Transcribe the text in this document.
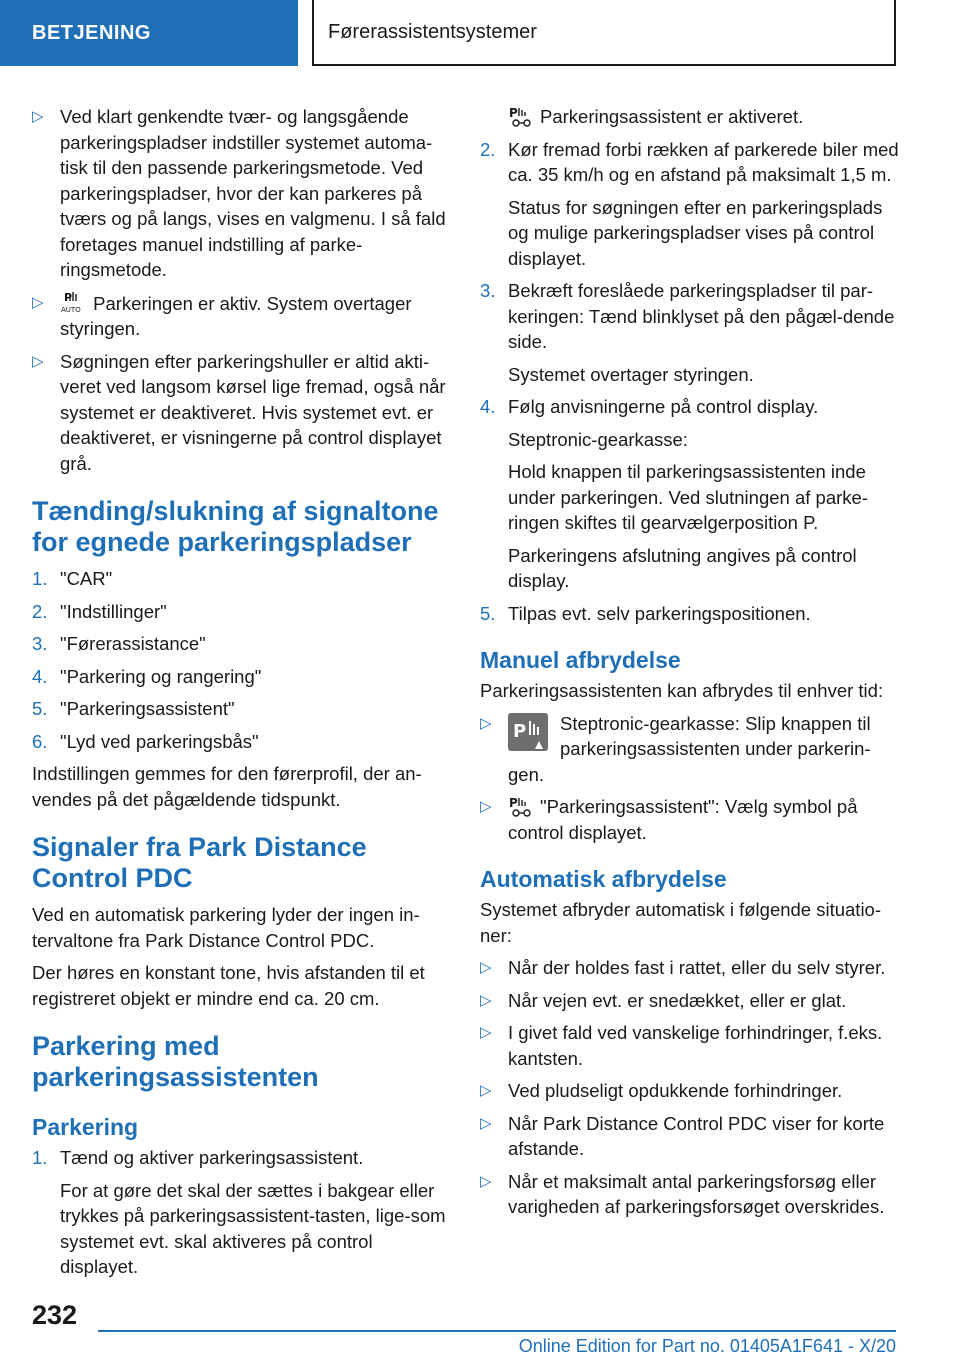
BETJENING	Førerassistentsystemer
▷ Ved klart genkendte tvær- og langsgående parkeringspladser indstiller systemet automa-tisk til den passende parkeringsmetode. Ved parkeringspladser, hvor der kan parkeres på tværs og på langs, vises en valgmenu. I så fald foretages manuel indstilling af parke-ringsmetode.
▷ P
AUTO Parkeringen er aktiv. System overtager styringen.
▷ Søgningen efter parkeringshuller er altid akti-veret ved langsom kørsel lige fremad, også når systemet er deaktiveret. Hvis systemet evt. er deaktiveret, er visningerne på control displayet grå.
Tænding/slukning af signaltone for egnede parkeringspladser
1. "CAR"
2. "Indstillinger"
3. "Førerassistance"
4. "Parkering og rangering"
5. "Parkeringsassistent"
6. "Lyd ved parkeringsbås"

Indstillingen gemmes for den førerprofil, der an-vendes på det pågældende tidspunkt.

Signaler fra Park Distance Control PDC

Ved en automatisk parkering lyder der ingen in-tervaltone fra Park Distance Control PDC.

Der høres en konstant tone, hvis afstanden til et registreret objekt er mindre end ca. 20 cm.

Parkering med parkeringsassistenten
Parkering
1. Tænd og aktiver parkeringsassistent.

For at gøre det skal der sættes i bakgear eller trykkes på parkeringsassistent-tasten, lige-som systemet evt. skal aktiveres på control displayet.

P Parkeringsassistent er aktiveret.

2. Kør fremad forbi rækken af parkerede biler med ca. 35 km/h og en afstand på maksimalt 1,5 m.

Status for søgningen efter en parkeringsplads og mulige parkeringspladser vises på control displayet.

3. Bekræft foreslåede parkeringspladser til par-keringen: Tænd blinklyset på den pågæl-dende side.

Systemet overtager styringen.

4. Følg anvisningerne på control display.

Steptronic-gearkasse:

Hold knappen til parkeringsassistenten inde under parkeringen. Ved slutningen af parke-ringen skiftes til gearvælgerposition P.

Parkeringens afslutning angives på control display.

5. Tilpas evt. selv parkeringspositionen.
Manuel afbrydelse

Parkeringsassistenten kan afbrydes til enhver tid:

▷ P Steptronic-gearkasse: Slip knappen til parkeringsassistenten under parkerin-
gen.
▷ P "Parkeringsassistent": Vælg symbol på control displayet.
Automatisk afbrydelse

Systemet afbryder automatisk i følgende situatio-ner:

▷ Når der holdes fast i rattet, eller du selv styrer.
▷ Når vejen evt. er snedækket, eller er glat.
▷ I givet fald ved vanskelige forhindringer, f.eks. kantsten.
▷ Ved pludseligt opdukkende forhindringer.
▷ Når Park Distance Control PDC viser for korte afstande.
▷ Når et maksimalt antal parkeringsforsøg eller varigheden af parkeringsforsøget overskrides.
232
Online Edition for Part no. 01405A1F641 - X/20
